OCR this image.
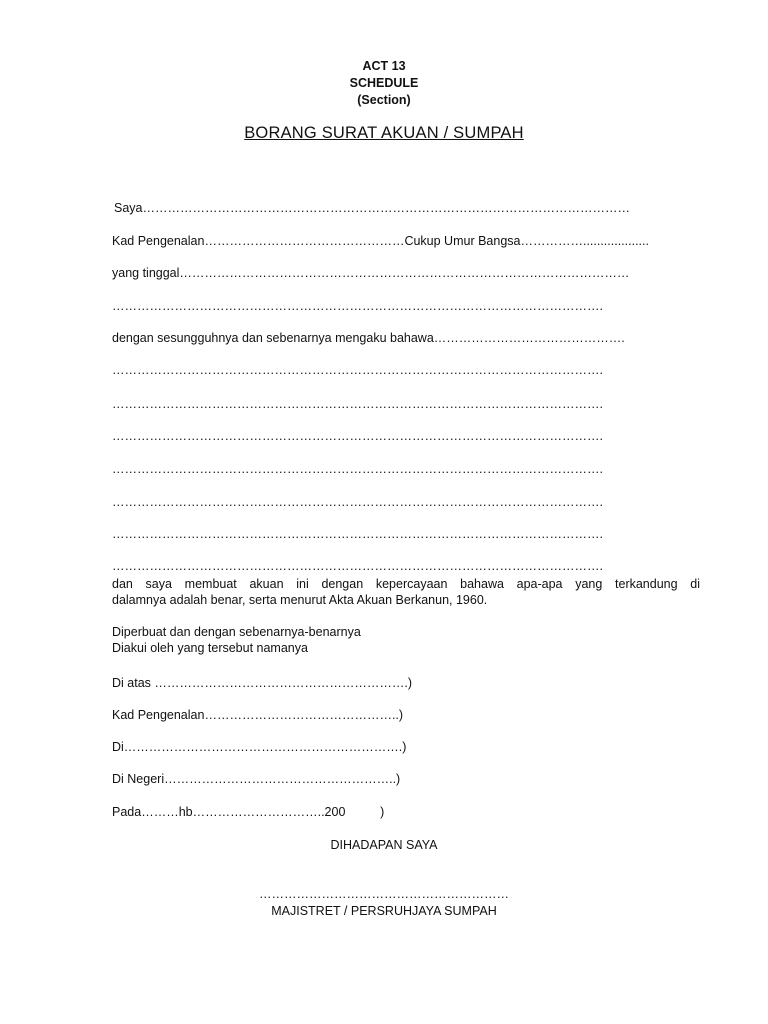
ACT 13
SCHEDULE
(Section)
BORANG SURAT AKUAN / SUMPAH
Saya………………………………………………………………………………………………………
Kad Pengenalan…………………………………………Cukup Umur Bangsa……………...................
yang tinggal………………………………………………………………………………………………
……………………………………………………………………………………………………….
dengan sesungguhnya dan sebenarnya mengaku bahawa……………………………………….
……………………………………………………………………………………………………….
……………………………………………………………………………………………………….
……………………………………………………………………………………………………….
……………………………………………………………………………………………………….
……………………………………………………………………………………………………….
……………………………………………………………………………………………………….
……………………………………………………………………………………………………….
dan saya membuat akuan ini dengan kepercayaan bahawa apa-apa yang terkandung di
dalamnya adalah benar, serta menurut Akta Akuan Berkanun, 1960.
Diperbuat dan dengan sebenarnya-benarnya
Diakui oleh yang tersebut namanya
Di atas …………………………………………………….)
Kad Pengenalan………………………………………..)
Di………………………………………………………….)
Di Negeri………………………………………………..)
Pada………hb…………………………..200          )
DIHADAPAN SAYA
……………………………………………………
MAJISTRET / PERSRUHJAYA SUMPAH
